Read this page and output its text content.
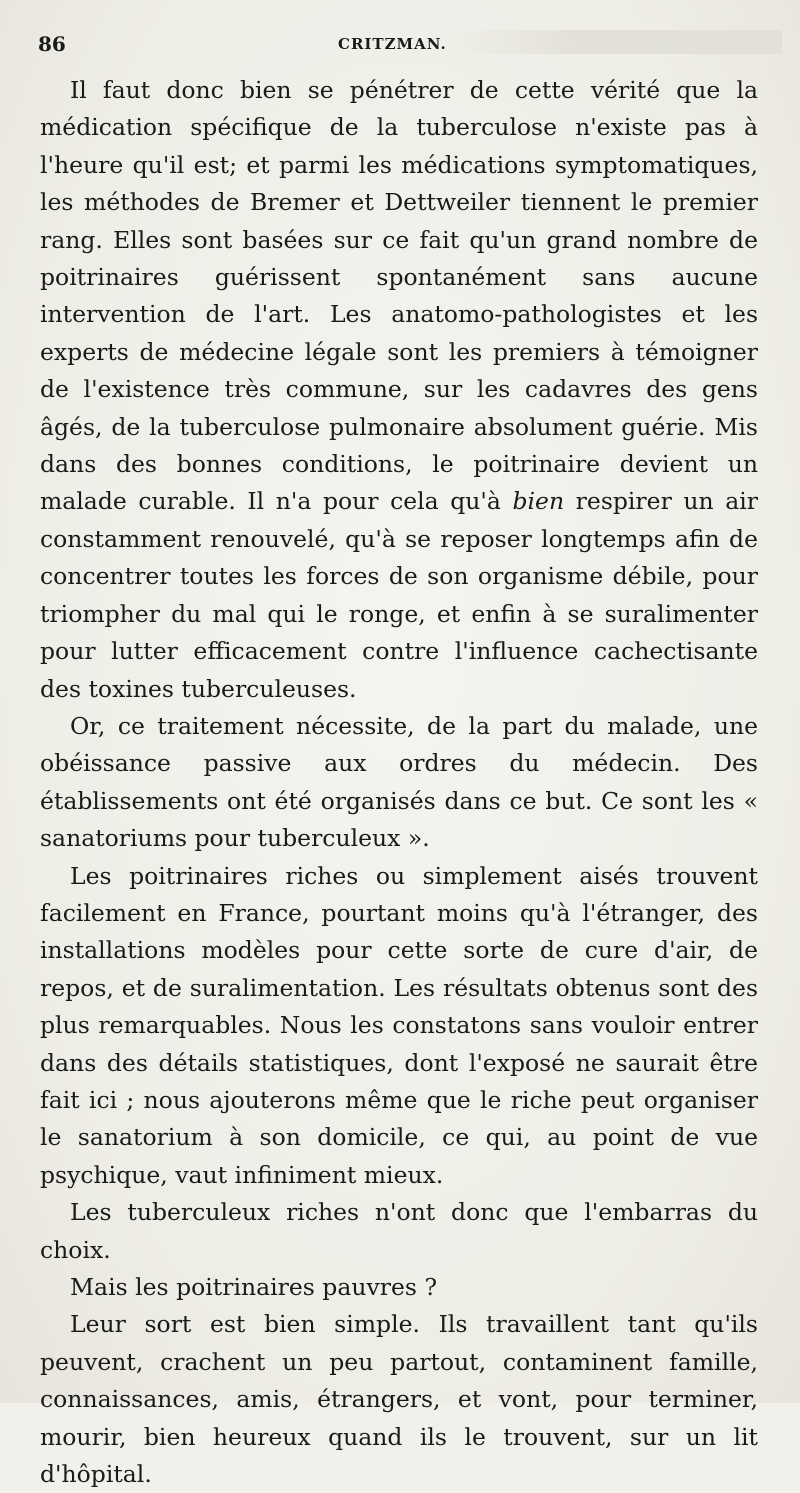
86	CRITZMAN.

Il faut donc bien se pénétrer de cette vérité que la médication spécifique de la tuberculose n'existe pas à l'heure qu'il est; et parmi les médications symptomatiques, les méthodes de Bremer et Dettweiler tiennent le premier rang. Elles sont basées sur ce fait qu'un grand nombre de poitrinaires guérissent spontanément sans aucune intervention de l'art. Les anatomo-pathologistes et les experts de médecine légale sont les premiers à témoigner de l'existence très commune, sur les cadavres des gens âgés, de la tuberculose pulmonaire absolument guérie. Mis dans des bonnes conditions, le poitrinaire devient un malade curable. Il n'a pour cela qu'à bien respirer un air constamment renouvelé, qu'à se reposer longtemps afin de concentrer toutes les forces de son organisme débile, pour triompher du mal qui le ronge, et enfin à se suralimenter pour lutter efficacement contre l'influence cachectisante des toxines tuberculeuses.

Or, ce traitement nécessite, de la part du malade, une obéissance passive aux ordres du médecin. Des établissements ont été organisés dans ce but. Ce sont les « sanatoriums pour tuberculeux ».

Les poitrinaires riches ou simplement aisés trouvent facilement en France, pourtant moins qu'à l'étranger, des installations modèles pour cette sorte de cure d'air, de repos, et de suralimentation. Les résultats obtenus sont des plus remarquables. Nous les constatons sans vouloir entrer dans des détails statistiques, dont l'exposé ne saurait être fait ici ; nous ajouterons même que le riche peut organiser le sanatorium à son domicile, ce qui, au point de vue psychique, vaut infiniment mieux.

Les tuberculeux riches n'ont donc que l'embarras du choix.

Mais les poitrinaires pauvres ?

Leur sort est bien simple. Ils travaillent tant qu'ils peuvent, crachent un peu partout, contaminent famille, connaissances, amis, étrangers, et vont, pour terminer, mourir, bien heureux quand ils le trouvent, sur un lit d'hôpital.
